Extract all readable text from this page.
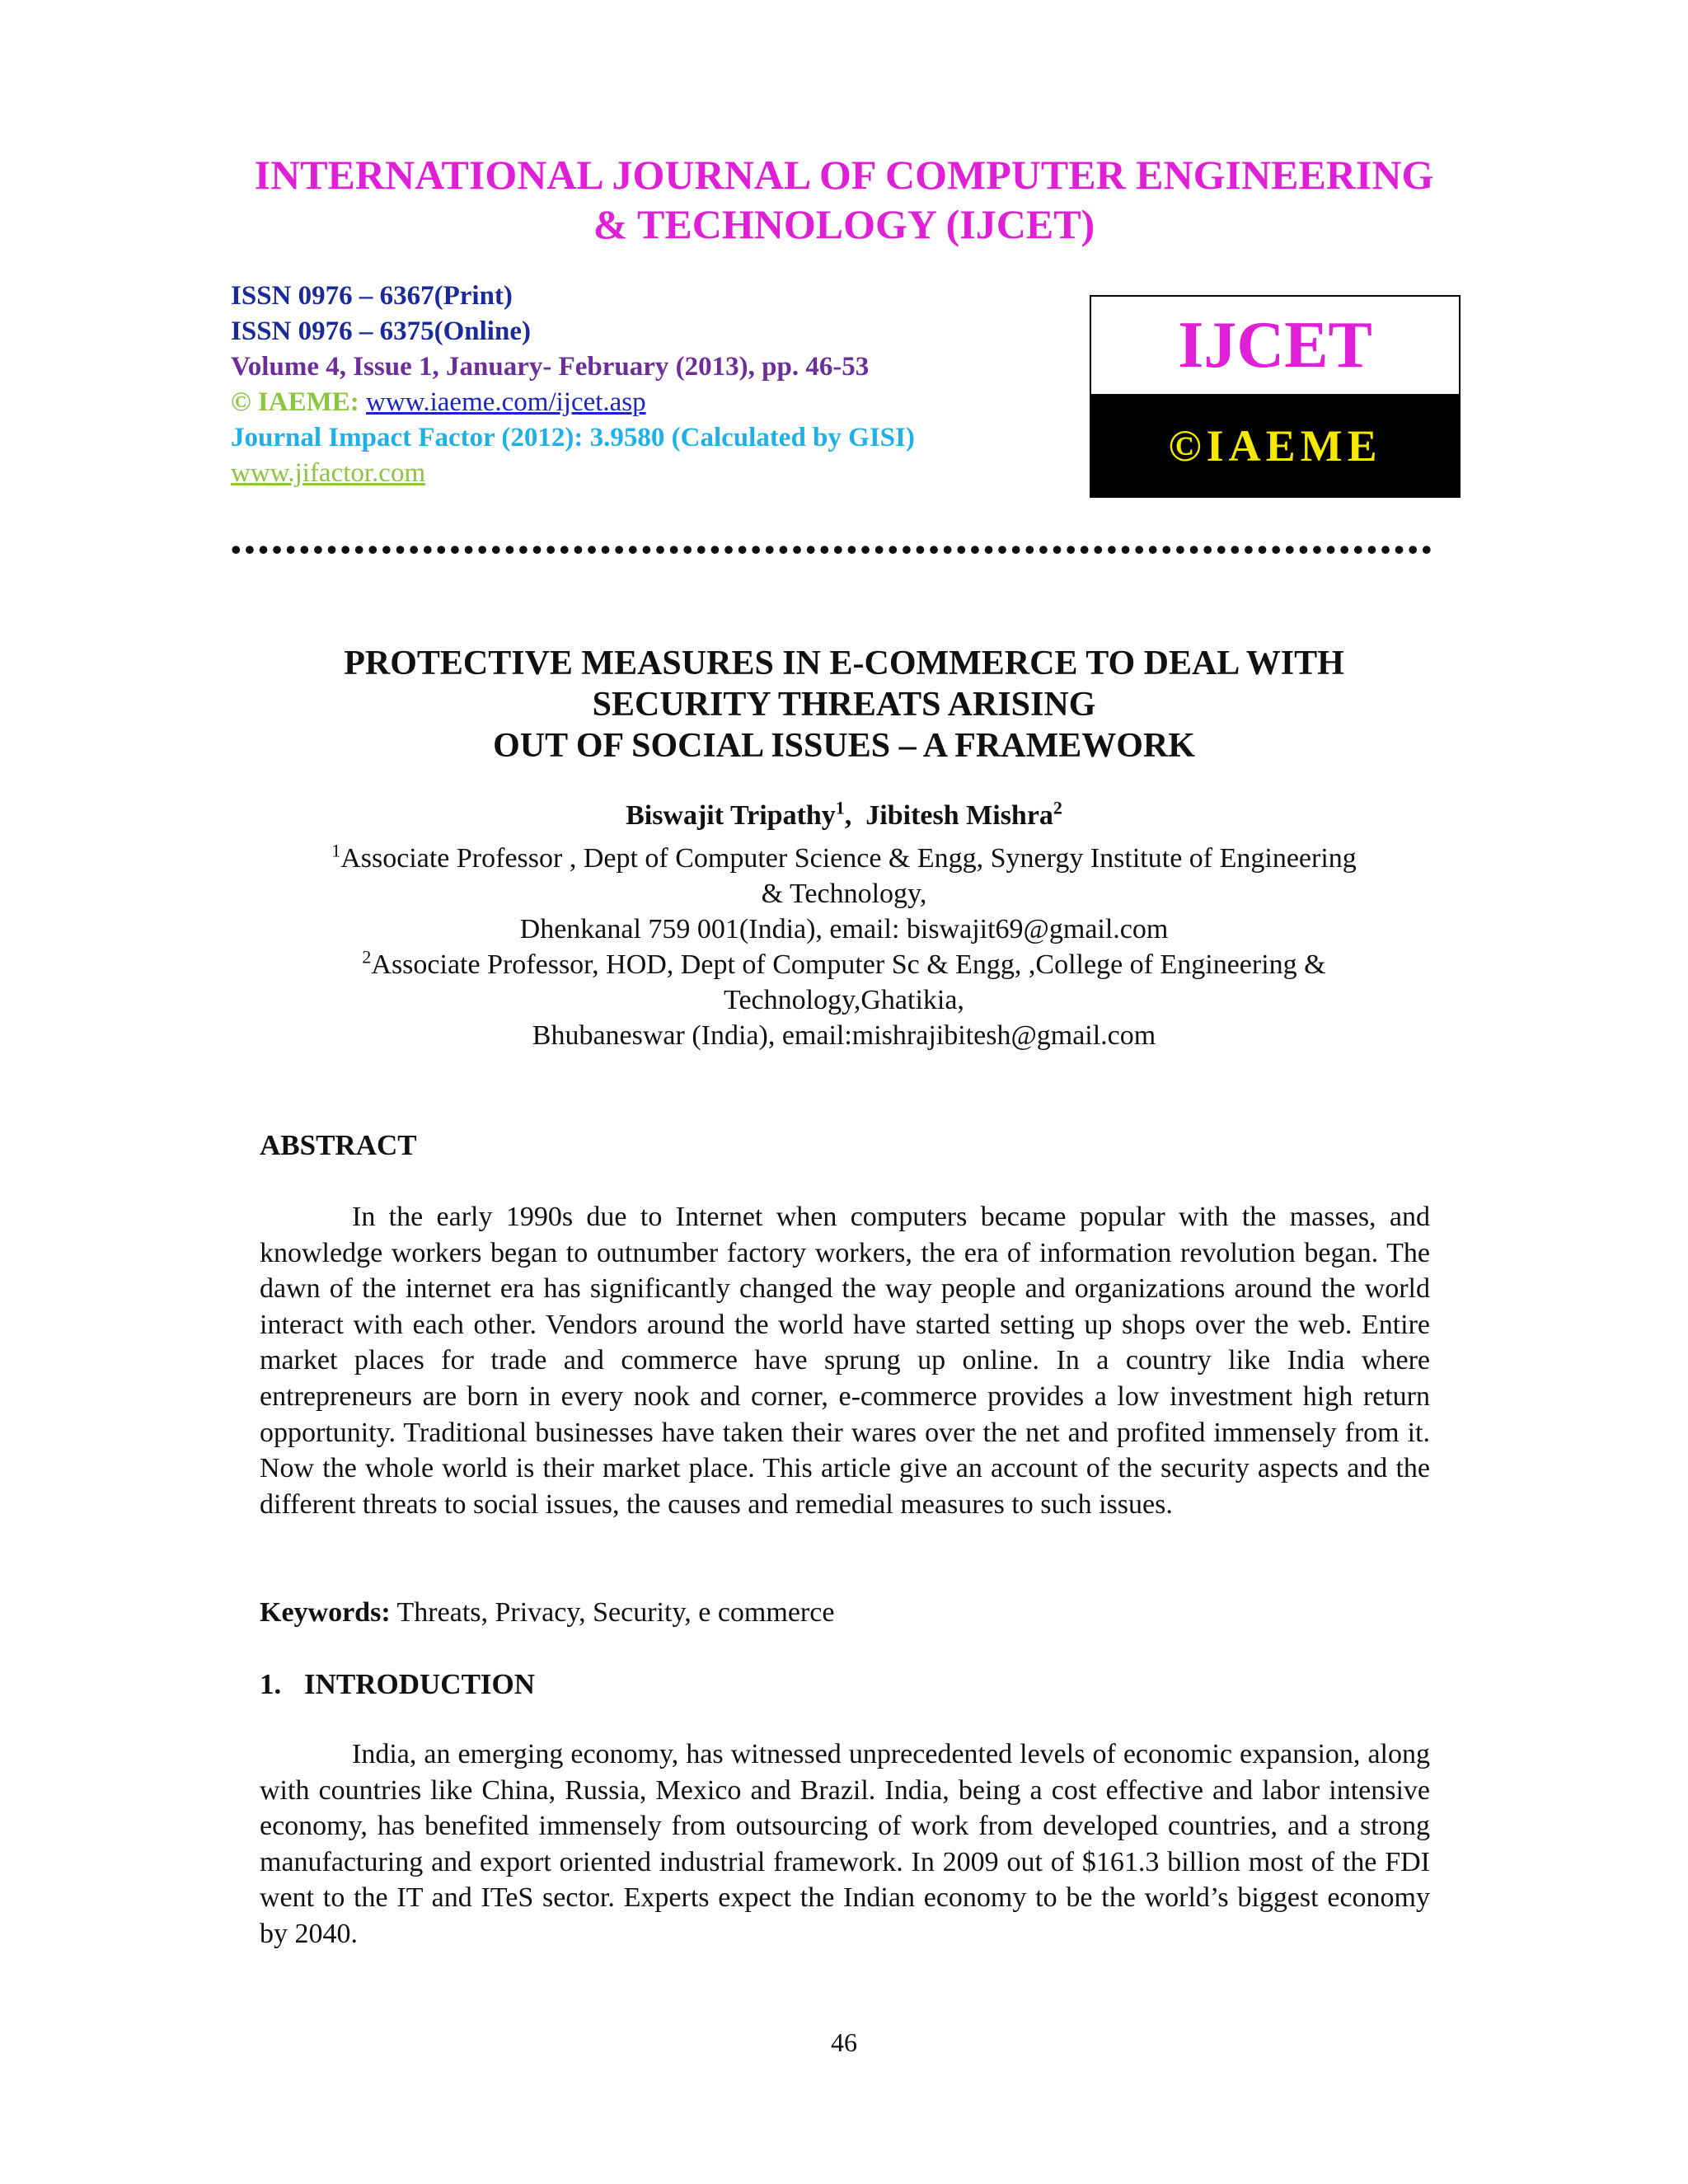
INTERNATIONAL JOURNAL OF COMPUTER ENGINEERING
& TECHNOLOGY (IJCET)
ISSN 0976 – 6367(Print)
ISSN 0976 – 6375(Online)
Volume 4, Issue 1, January- February (2013), pp. 46-53
© IAEME: www.iaeme.com/ijcet.asp
Journal Impact Factor (2012): 3.9580 (Calculated by GISI)
www.jifactor.com
IJCET
©IAEME
••••••••••••••••••••••••••••••••••••••••••••••••••••••••••••••••••••••••••••••••••••••••
PROTECTIVE MEASURES IN E-COMMERCE TO DEAL WITH
SECURITY THREATS ARISING
OUT OF SOCIAL ISSUES – A FRAMEWORK
Biswajit Tripathy$^1$,  Jibitesh Mishra$^2$
$^1$Associate Professor , Dept of Computer Science & Engg, Synergy Institute of Engineering
& Technology,
Dhenkanal 759 001(India), email: biswajit69@gmail.com
$^2$Associate Professor, HOD, Dept of Computer Sc & Engg, ,College of Engineering &
Technology,Ghatikia,
Bhubaneswar (India), email:mishrajibitesh@gmail.com
ABSTRACT

In the early 1990s due to Internet when computers became popular with the masses, and knowledge workers began to outnumber factory workers, the era of information revolution began. The dawn of the internet era has significantly changed the way people and organizations around the world interact with each other. Vendors around the world have started setting up shops over the web. Entire market places for trade and commerce have sprung up online. In a country like India where entrepreneurs are born in every nook and corner, e-commerce provides a low investment high return opportunity. Traditional businesses have taken their wares over the net and profited immensely from it. Now the whole world is their market place. This article give an account of the security aspects and the different threats to social issues, the causes and remedial measures to such issues.

Keywords: Threats, Privacy, Security, e commerce
1. INTRODUCTION

India, an emerging economy, has witnessed unprecedented levels of economic expansion, along with countries like China, Russia, Mexico and Brazil. India, being a cost effective and labor intensive economy, has benefited immensely from outsourcing of work from developed countries, and a strong manufacturing and export oriented industrial framework. In 2009 out of $161.3 billion most of the FDI went to the IT and ITeS sector. Experts expect the Indian economy to be the world’s biggest economy by 2040.

46
